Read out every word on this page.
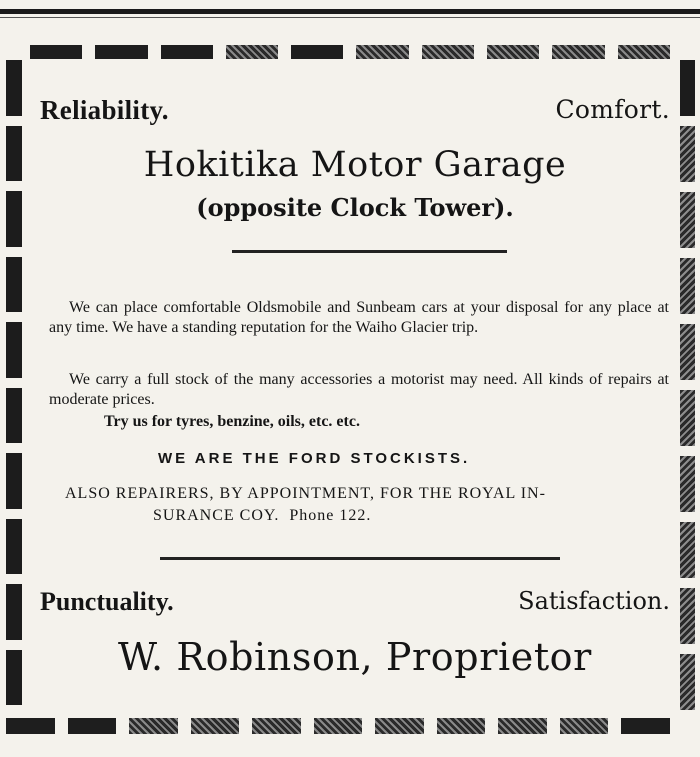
Reliability.	Comfort.
Hokitika Motor Garage
(opposite Clock Tower).

We can place comfortable Oldsmobile and Sunbeam cars at your disposal for any place at any time. We have a standing reputation for the Waiho Glacier trip.

We carry a full stock of the many accessories a motorist may need. All kinds of repairs at moderate prices.

Try us for tyres, benzine, oils, etc. etc.
WE ARE THE FORD STOCKISTS.
ALSO REPAIRERS, BY APPOINTMENT, FOR THE ROYAL IN-
SURANCE COY. Phone 122.
Punctuality.	Satisfaction.
W. Robinson, Proprietor
